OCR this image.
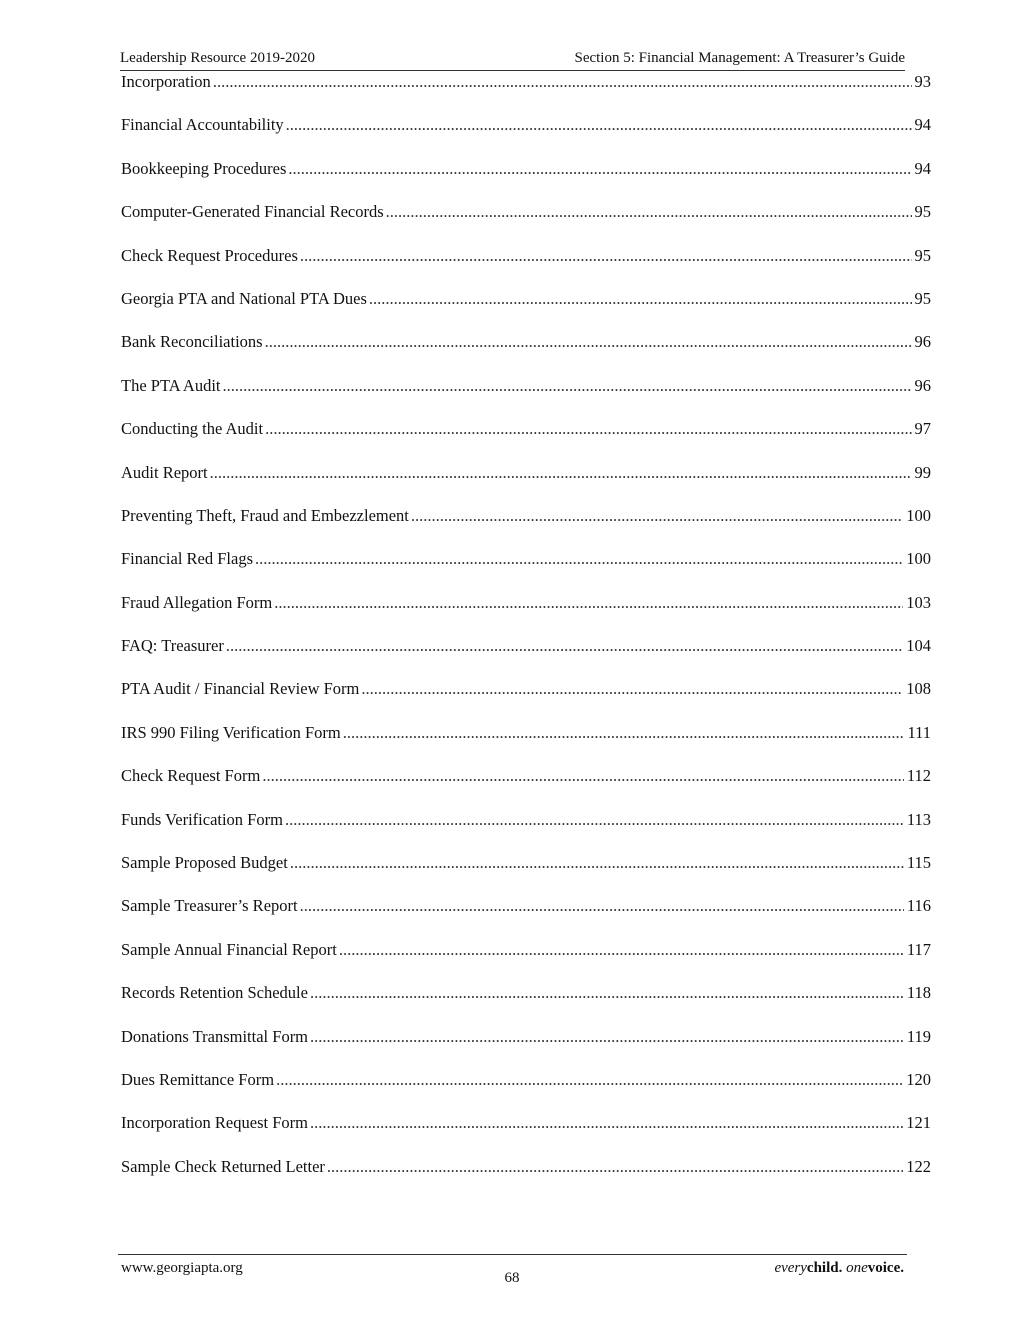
Leadership Resource 2019-2020	Section 5: Financial Management: A Treasurer’s Guide
Incorporation .....	93
Financial Accountability .....	94
Bookkeeping Procedures .....	94
Computer-Generated Financial Records .....	95
Check Request Procedures .....	95
Georgia PTA and National PTA Dues .....	95
Bank Reconciliations .....	96
The PTA Audit .....	96
Conducting the Audit .....	97
Audit Report .....	99
Preventing Theft, Fraud and Embezzlement .....	100
Financial Red Flags .....	100
Fraud Allegation Form .....	103
FAQ: Treasurer .....	104
PTA Audit / Financial Review Form .....	108
IRS 990 Filing Verification Form .....	111
Check Request Form .....	112
Funds Verification Form .....	113
Sample Proposed Budget .....	115
Sample Treasurer’s Report .....	116
Sample Annual Financial Report .....	117
Records Retention Schedule .....	118
Donations Transmittal Form .....	119
Dues Remittance Form .....	120
Incorporation Request Form .....	121
Sample Check Returned Letter .....	122
www.georgiapta.org
68
everychild. onevoice.
